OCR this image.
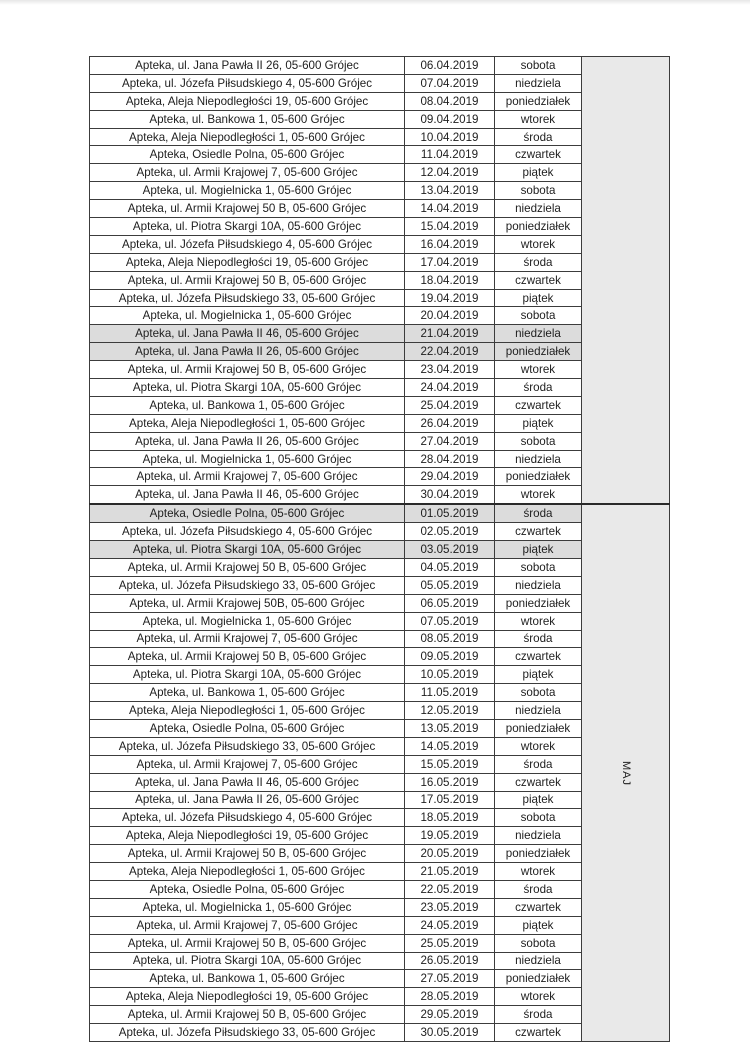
Apteka, ul. Jana Pawła II 26, 05-600 Grójec	06.04.2019	sobota	
Apteka, ul. Józefa Piłsudskiego 4, 05-600 Grójec	07.04.2019	niedziela	
Apteka, Aleja Niepodległości 19, 05-600 Grójec	08.04.2019	poniedziałek	
Apteka, ul. Bankowa 1, 05-600 Grójec	09.04.2019	wtorek	
Apteka, Aleja Niepodległości 1, 05-600 Grójec	10.04.2019	środa	
Apteka, Osiedle Polna, 05-600 Grójec	11.04.2019	czwartek	
Apteka, ul. Armii Krajowej 7, 05-600 Grójec	12.04.2019	piątek	
Apteka, ul. Mogielnicka 1, 05-600 Grójec	13.04.2019	sobota	
Apteka, ul. Armii Krajowej 50 B, 05-600 Grójec	14.04.2019	niedziela	
Apteka, ul. Piotra Skargi 10A, 05-600 Grójec	15.04.2019	poniedziałek	
Apteka, ul. Józefa Piłsudskiego 4, 05-600 Grójec	16.04.2019	wtorek	
Apteka, Aleja Niepodległości 19, 05-600 Grójec	17.04.2019	środa	
Apteka, ul. Armii Krajowej 50 B, 05-600 Grójec	18.04.2019	czwartek	
Apteka, ul. Józefa Piłsudskiego 33, 05-600 Grójec	19.04.2019	piątek	
Apteka, ul. Mogielnicka 1, 05-600 Grójec	20.04.2019	sobota	
Apteka, ul. Jana Pawła II 46, 05-600 Grójec	21.04.2019	niedziela	
Apteka, ul. Jana Pawła II 26, 05-600 Grójec	22.04.2019	poniedziałek	
Apteka, ul. Armii Krajowej 50 B, 05-600 Grójec	23.04.2019	wtorek	
Apteka, ul. Piotra Skargi 10A, 05-600 Grójec	24.04.2019	środa	
Apteka, ul. Bankowa 1, 05-600 Grójec	25.04.2019	czwartek	
Apteka, Aleja Niepodległości 1, 05-600 Grójec	26.04.2019	piątek	
Apteka, ul. Jana Pawła II 26, 05-600 Grójec	27.04.2019	sobota	
Apteka, ul. Mogielnicka 1, 05-600 Grójec	28.04.2019	niedziela	
Apteka, ul. Armii Krajowej 7, 05-600 Grójec	29.04.2019	poniedziałek	
Apteka, ul. Jana Pawła II 46, 05-600 Grójec	30.04.2019	wtorek	
Apteka, Osiedle Polna, 05-600 Grójec	01.05.2019	środa	MAJ
Apteka, ul. Józefa Piłsudskiego 4, 05-600 Grójec	02.05.2019	czwartek	
Apteka, ul. Piotra Skargi 10A, 05-600 Grójec	03.05.2019	piątek	
Apteka, ul. Armii Krajowej 50 B, 05-600 Grójec	04.05.2019	sobota	
Apteka, ul. Józefa Piłsudskiego 33, 05-600 Grójec	05.05.2019	niedziela	
Apteka, ul. Armii Krajowej 50B, 05-600 Grójec	06.05.2019	poniedziałek	
Apteka, ul. Mogielnicka 1, 05-600 Grójec	07.05.2019	wtorek	
Apteka, ul. Armii Krajowej 7, 05-600 Grójec	08.05.2019	środa	
Apteka, ul. Armii Krajowej 50 B, 05-600 Grójec	09.05.2019	czwartek	
Apteka, ul. Piotra Skargi 10A, 05-600 Grójec	10.05.2019	piątek	
Apteka, ul. Bankowa 1, 05-600 Grójec	11.05.2019	sobota	
Apteka, Aleja Niepodległości 1, 05-600 Grójec	12.05.2019	niedziela	
Apteka, Osiedle Polna, 05-600 Grójec	13.05.2019	poniedziałek	
Apteka, ul. Józefa Piłsudskiego 33, 05-600 Grójec	14.05.2019	wtorek	
Apteka, ul. Armii Krajowej 7, 05-600 Grójec	15.05.2019	środa	
Apteka, ul. Jana Pawła II 46, 05-600 Grójec	16.05.2019	czwartek	
Apteka, ul. Jana Pawła II 26, 05-600 Grójec	17.05.2019	piątek	
Apteka, ul. Józefa Piłsudskiego 4, 05-600 Grójec	18.05.2019	sobota	
Apteka, Aleja Niepodległości 19, 05-600 Grójec	19.05.2019	niedziela	
Apteka, ul. Armii Krajowej 50 B, 05-600 Grójec	20.05.2019	poniedziałek	
Apteka, Aleja Niepodległości 1, 05-600 Grójec	21.05.2019	wtorek	
Apteka, Osiedle Polna, 05-600 Grójec	22.05.2019	środa	
Apteka, ul. Mogielnicka 1, 05-600 Grójec	23.05.2019	czwartek	
Apteka, ul. Armii Krajowej 7, 05-600 Grójec	24.05.2019	piątek	
Apteka, ul. Armii Krajowej 50 B, 05-600 Grójec	25.05.2019	sobota	
Apteka, ul. Piotra Skargi 10A, 05-600 Grójec	26.05.2019	niedziela	
Apteka, ul. Bankowa 1, 05-600 Grójec	27.05.2019	poniedziałek	
Apteka, Aleja Niepodległości 19, 05-600 Grójec	28.05.2019	wtorek	
Apteka, ul. Armii Krajowej 50 B, 05-600 Grójec	29.05.2019	środa	
Apteka, ul. Józefa Piłsudskiego 33, 05-600 Grójec	30.05.2019	czwartek	
